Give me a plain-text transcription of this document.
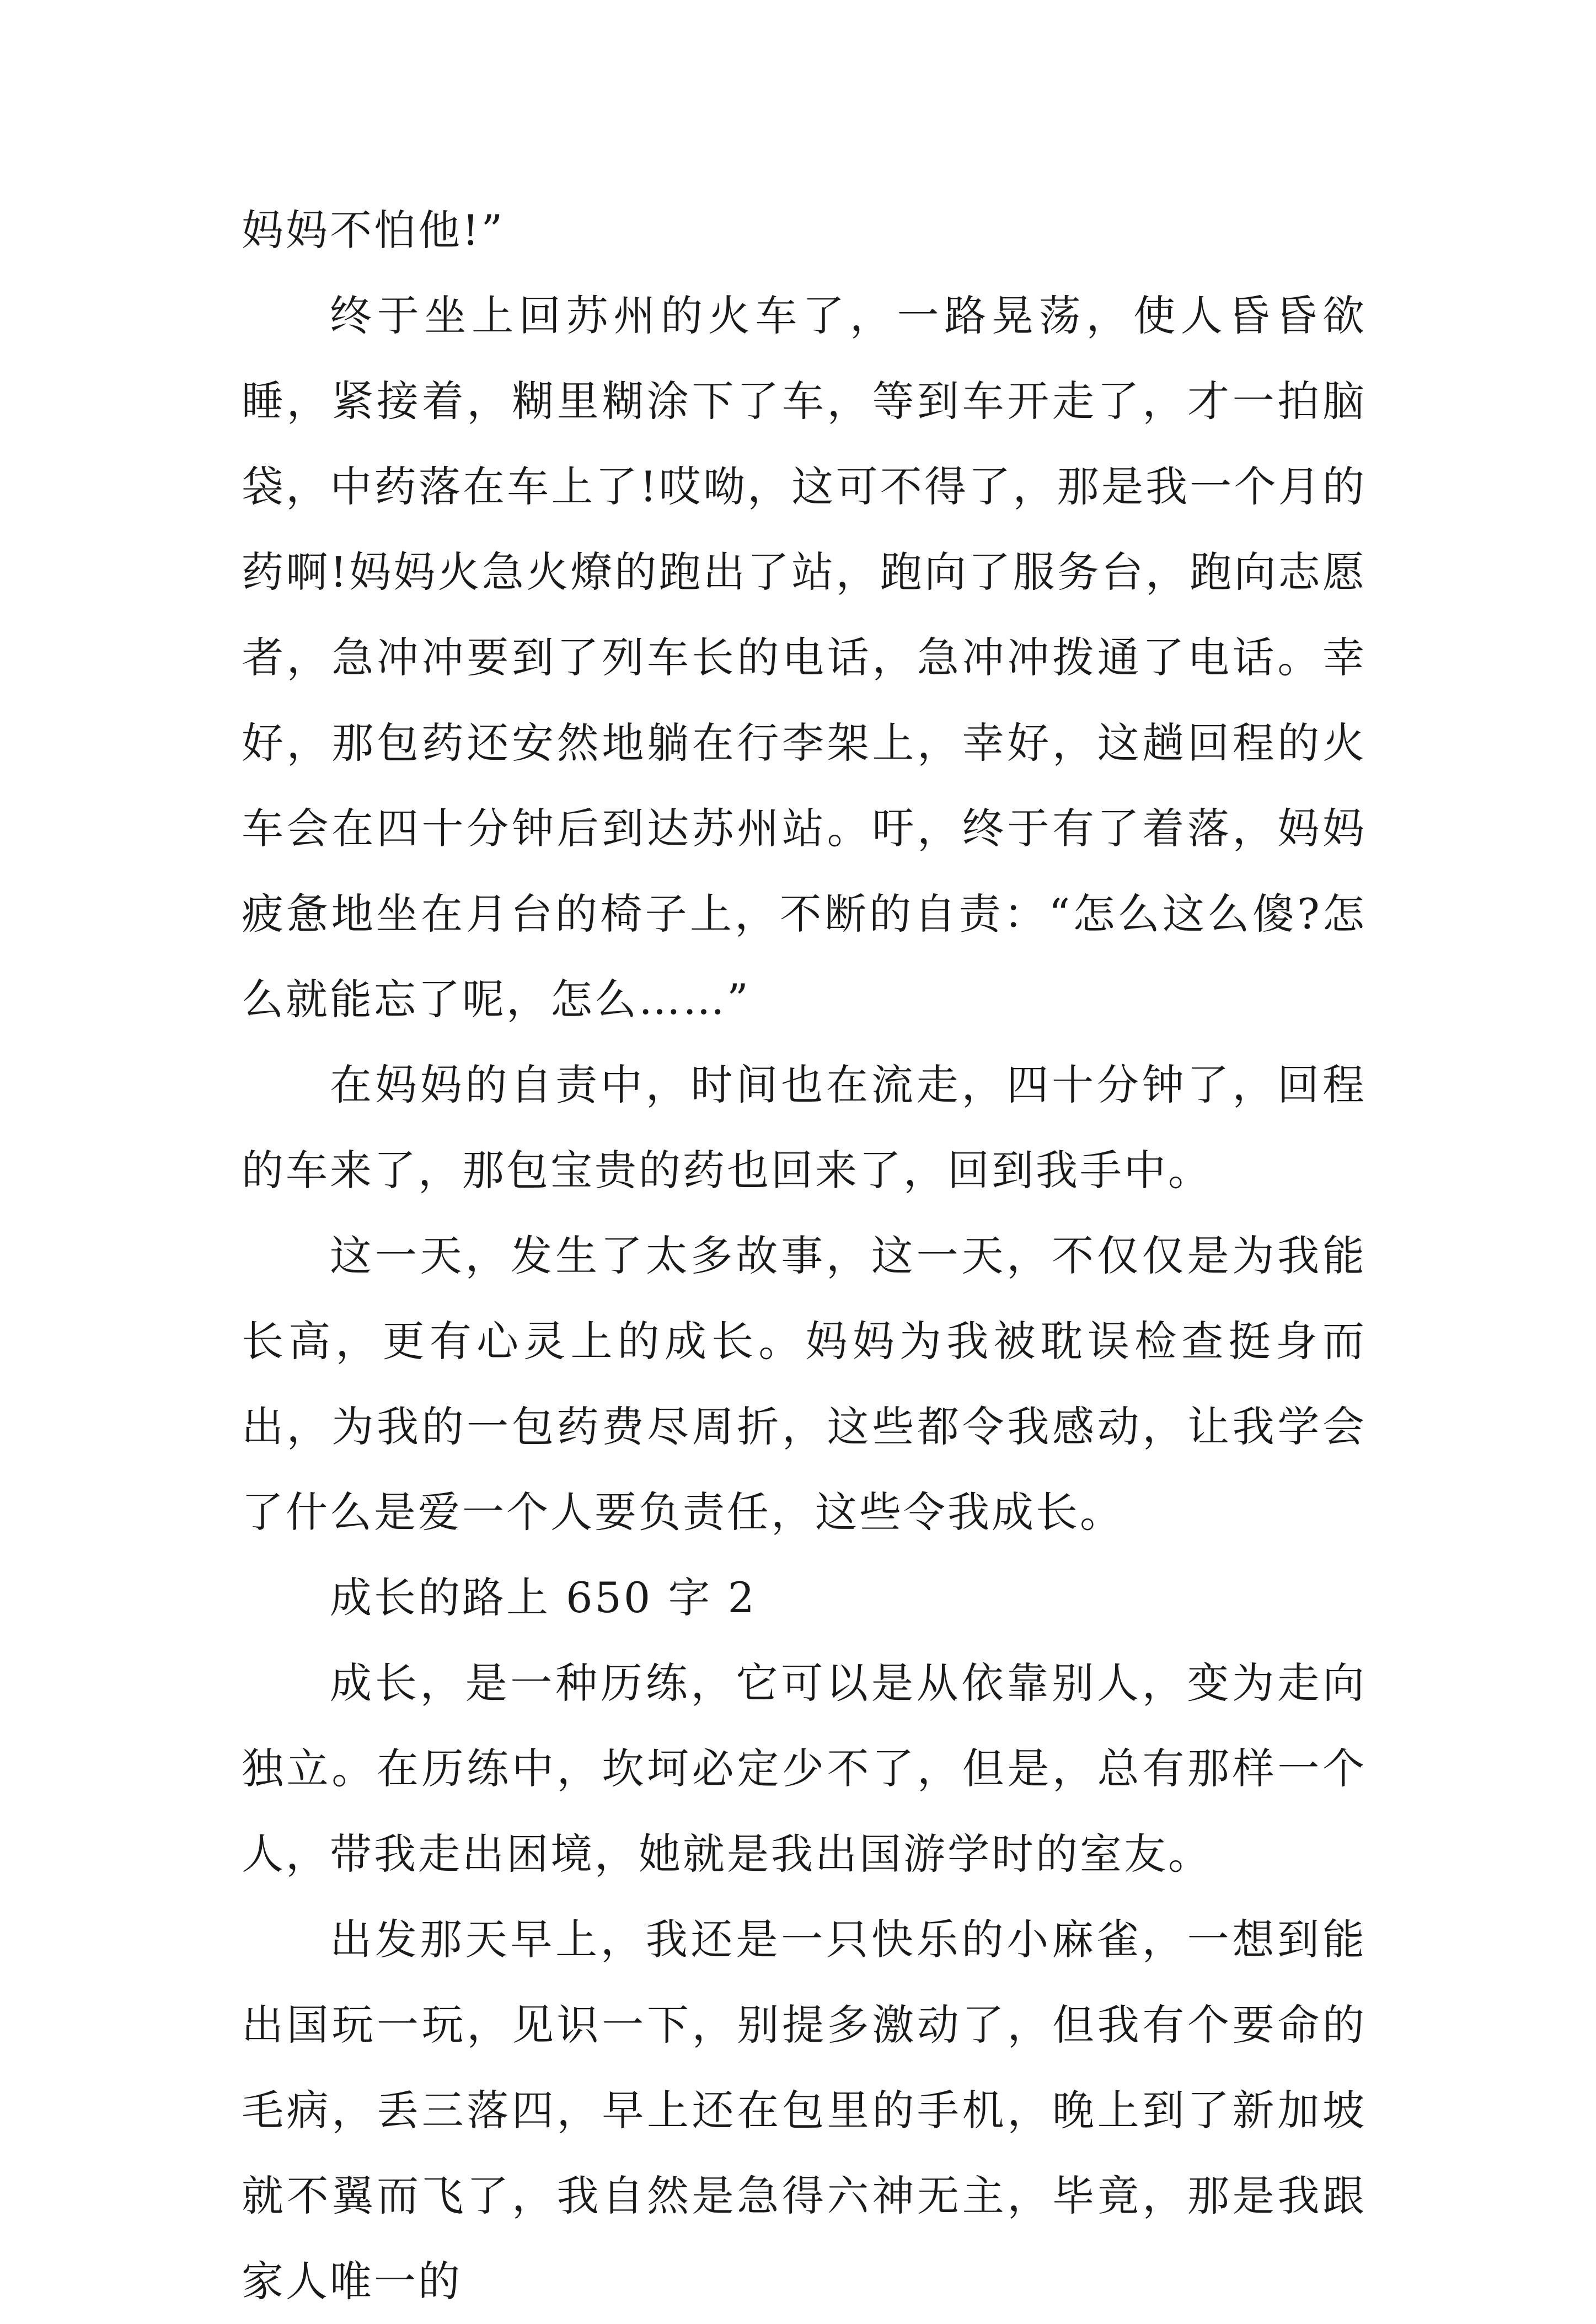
妈妈不怕他!”

终于坐上回苏州的火车了，一路晃荡，使人昏昏欲睡，紧接着，糊里糊涂下了车，等到车开走了，才一拍脑袋，中药落在车上了!哎呦，这可不得了，那是我一个月的药啊!妈妈火急火燎的跑出了站，跑向了服务台，跑向志愿者，急冲冲要到了列车长的电话，急冲冲拨通了电话。幸好，那包药还安然地躺在行李架上，幸好，这趟回程的火车会在四十分钟后到达苏州站。吁，终于有了着落，妈妈疲惫地坐在月台的椅子上，不断的自责：“怎么这么傻?怎么就能忘了呢，怎么……”

在妈妈的自责中，时间也在流走，四十分钟了，回程的车来了，那包宝贵的药也回来了，回到我手中。

这一天，发生了太多故事，这一天，不仅仅是为我能长高，更有心灵上的成长。妈妈为我被耽误检查挺身而出，为我的一包药费尽周折，这些都令我感动，让我学会了什么是爱一个人要负责任，这些令我成长。

成长的路上 650 字 2

成长，是一种历练，它可以是从依靠别人，变为走向独立。在历练中，坎坷必定少不了，但是，总有那样一个人，带我走出困境，她就是我出国游学时的室友。

出发那天早上，我还是一只快乐的小麻雀，一想到能出国玩一玩，见识一下，别提多激动了，但我有个要命的毛病，丢三落四，早上还在包里的手机，晚上到了新加坡就不翼而飞了，我自然是急得六神无主，毕竟，那是我跟家人唯一的
